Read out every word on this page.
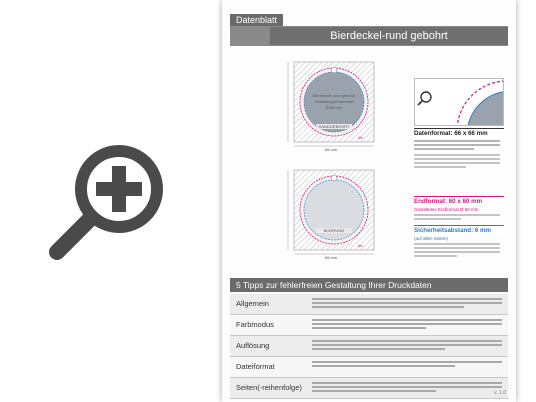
Datenblatt
Bierdeckel-rund gebohrt
66 mm
Bierdeckel rund gebohrt
Gestaltung Endformat
Ø 60 mm
HANDGEBOHRT
✂
66 mm
BOHRUNG
✂
Datenformat: 66 x 66 mm
Endformat: 60 x 60 mm
Gestaltetes Endformat Ø 60 mm
Sicherheitsabstand: 6 mm
(auf allen Seiten)
5 Tipps zur fehlerfreien Gestaltung Ihrer Druckdaten
Allgemein
Farbmodus
Auflösung
Dateiformat
Seiten(-reihenfolge)
v. 1.0
